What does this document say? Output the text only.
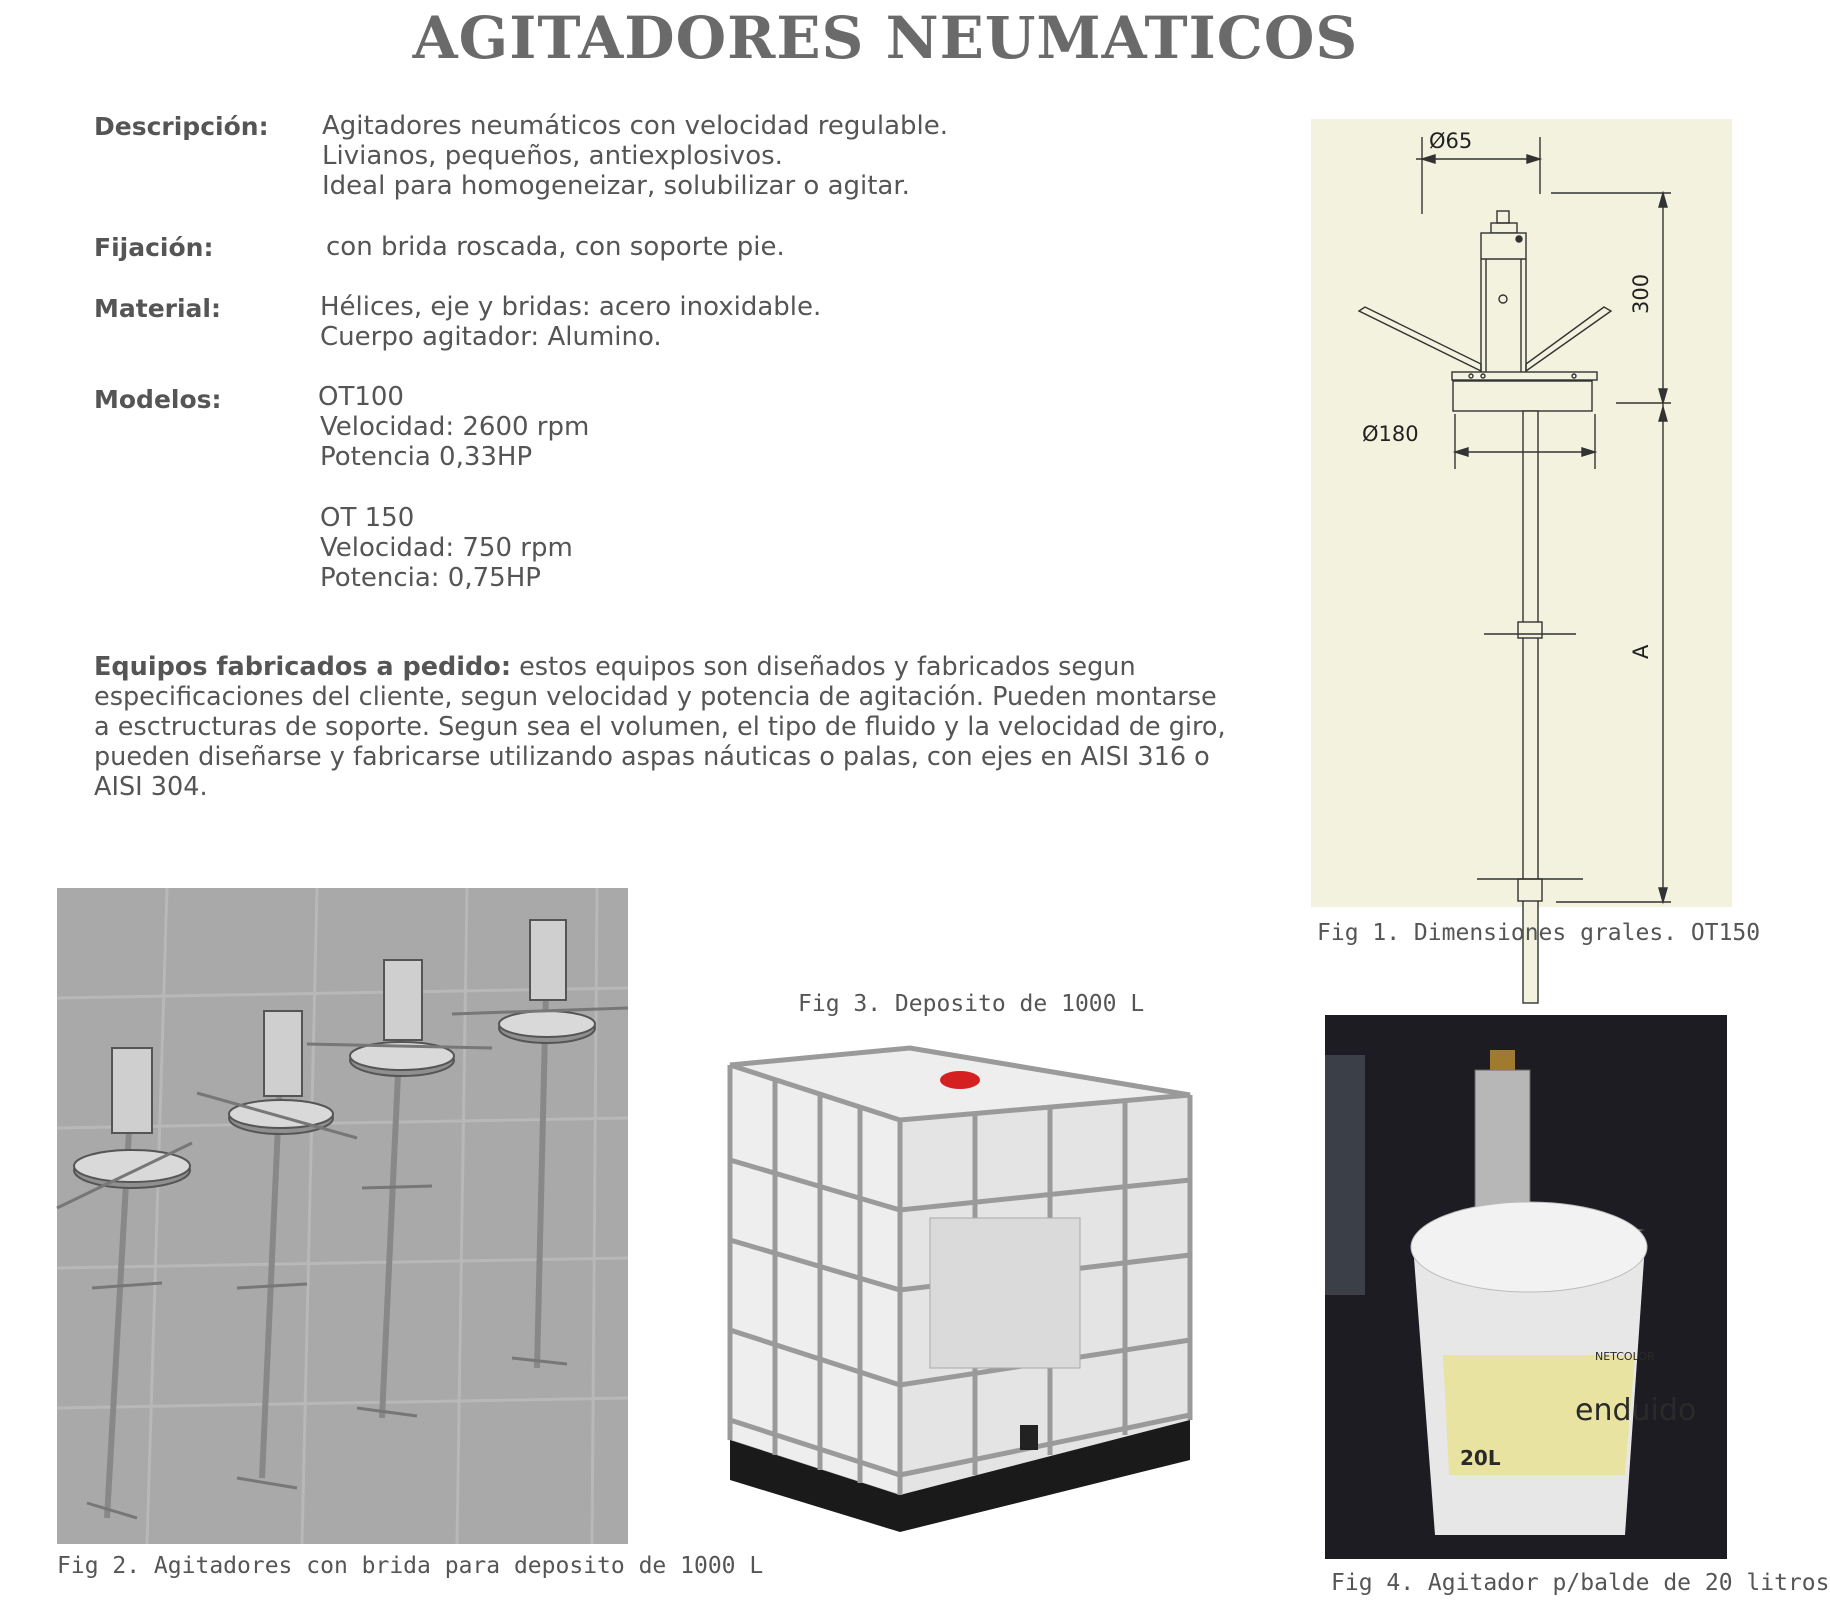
AGITADORES NEUMATICOS
Descripción: Agitadores neumáticos con velocidad regulable.
Livianos, pequeños, antiexplosivos.
Ideal para homogeneizar, solubilizar o agitar.
Fijación:	con brida roscada, con soporte pie.
Material:	Hélices, eje y bridas: acero inoxidable.
Cuerpo agitador: Alumino.
Modelos:	OT100
Velocidad: 2600 rpm
Potencia 0,33HP
OT 150
Velocidad: 750 rpm
Potencia: 0,75HP
Equipos fabricados a pedido: estos equipos son diseñados y fabricados segun especificaciones del cliente, segun velocidad y potencia de agitación. Pueden montarse a esctructuras de soporte. Segun sea el volumen, el tipo de fluido y la velocidad de giro, pueden diseñarse y fabricarse utilizando aspas náuticas o palas, con ejes en AISI 316 o AISI 304.
Ø65
Ø180
300
A
Fig 1. Dimensiones grales. OT150
Fig 2. Agitadores con brida para deposito de 1000 L
Fig 3. Deposito de 1000 L
enduido
NETCOLOR
20L
Fig 4. Agitador p/balde de 20 litros
